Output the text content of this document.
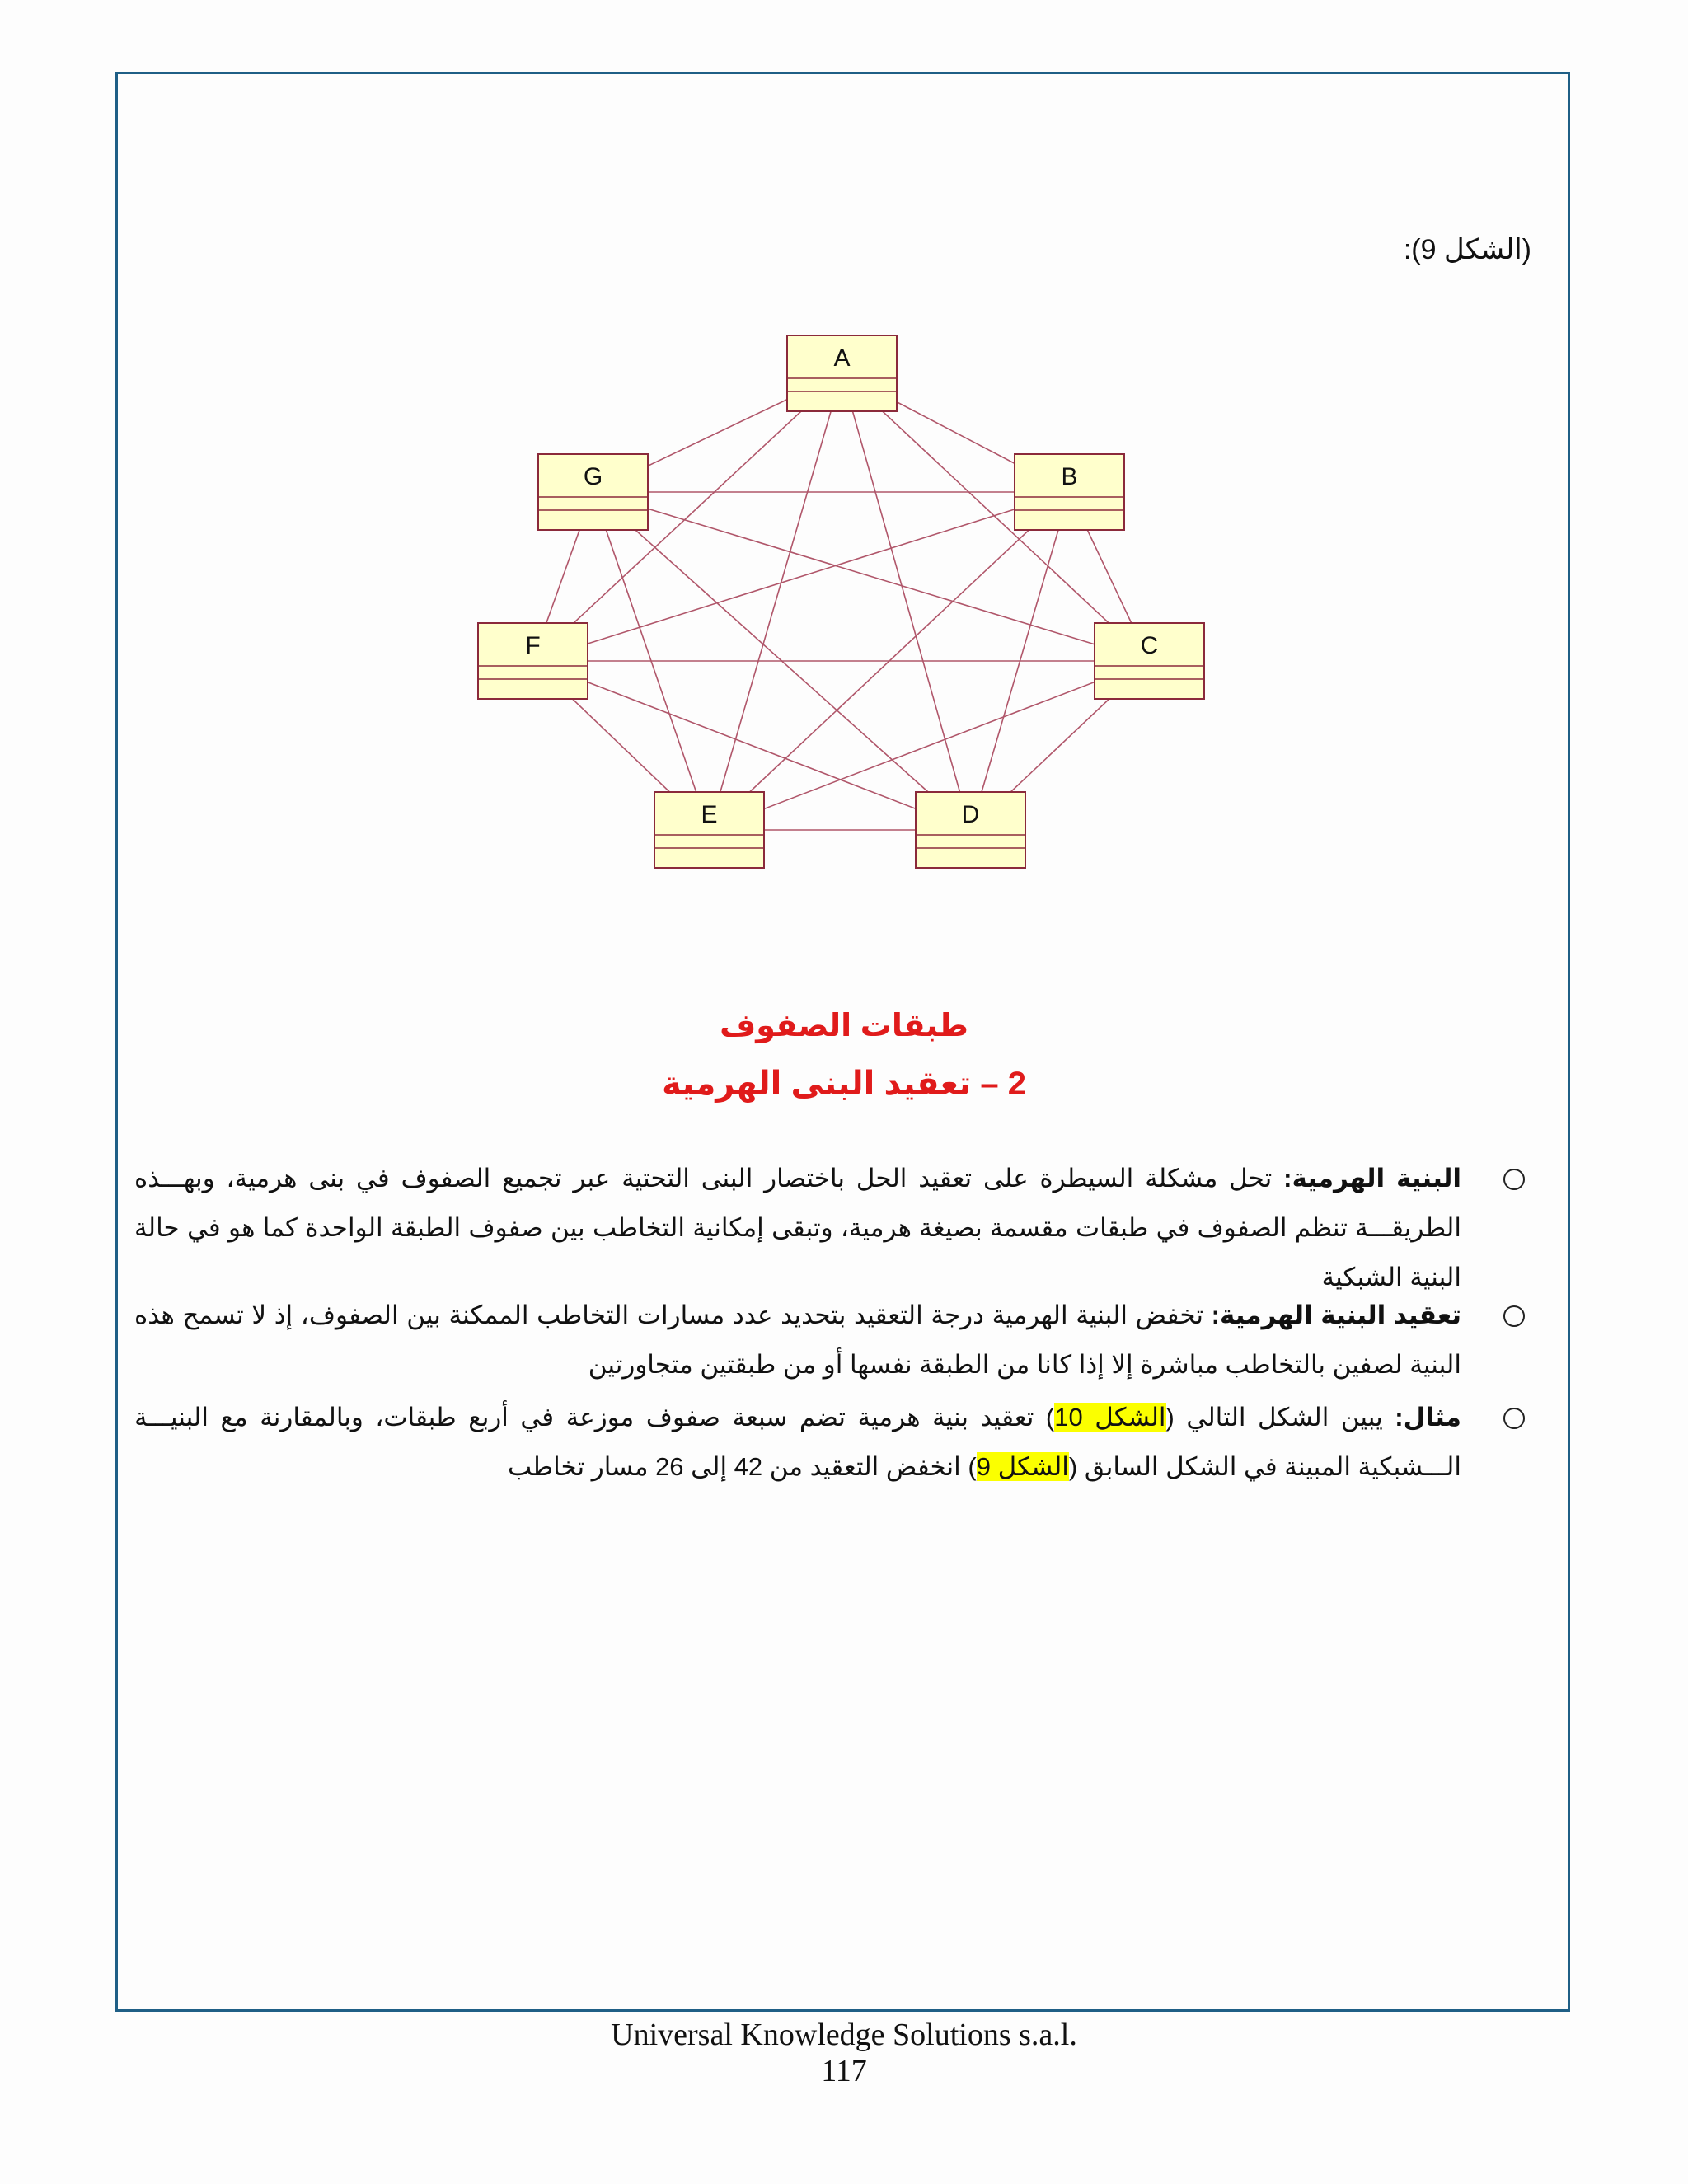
(الشكل 9):
A
B
C
D
E
F
G
طبقات الصفوف
2 – تعقيد البنى الهرمية
البنية الهرمية: تحل مشكلة السيطرة على تعقيد الحل باختصار البنى التحتية عبر تجميع الصفوف في بنى هرمية، وبهـــذه الطريقـــة تنظم الصفوف في طبقات مقسمة بصيغة هرمية، وتبقى إمكانية التخاطب بين صفوف الطبقة الواحدة كما هو في حالة البنية الشبكية
تعقيد البنية الهرمية: تخفض البنية الهرمية درجة التعقيد بتحديد عدد مسارات التخاطب الممكنة بين الصفوف، إذ لا تسمح هذه البنية لصفين بالتخاطب مباشرة إلا إذا كانا من الطبقة نفسها أو من طبقتين متجاورتين
مثال: يبين الشكل التالي (الشكل 10) تعقيد بنية هرمية تضم سبعة صفوف موزعة في أربع طبقات، وبالمقارنة مع البنيـــة الـــشبكية المبينة في الشكل السابق (الشكل 9) انخفض التعقيد من 42 إلى 26 مسار تخاطب
Universal Knowledge Solutions s.a.l.
117
